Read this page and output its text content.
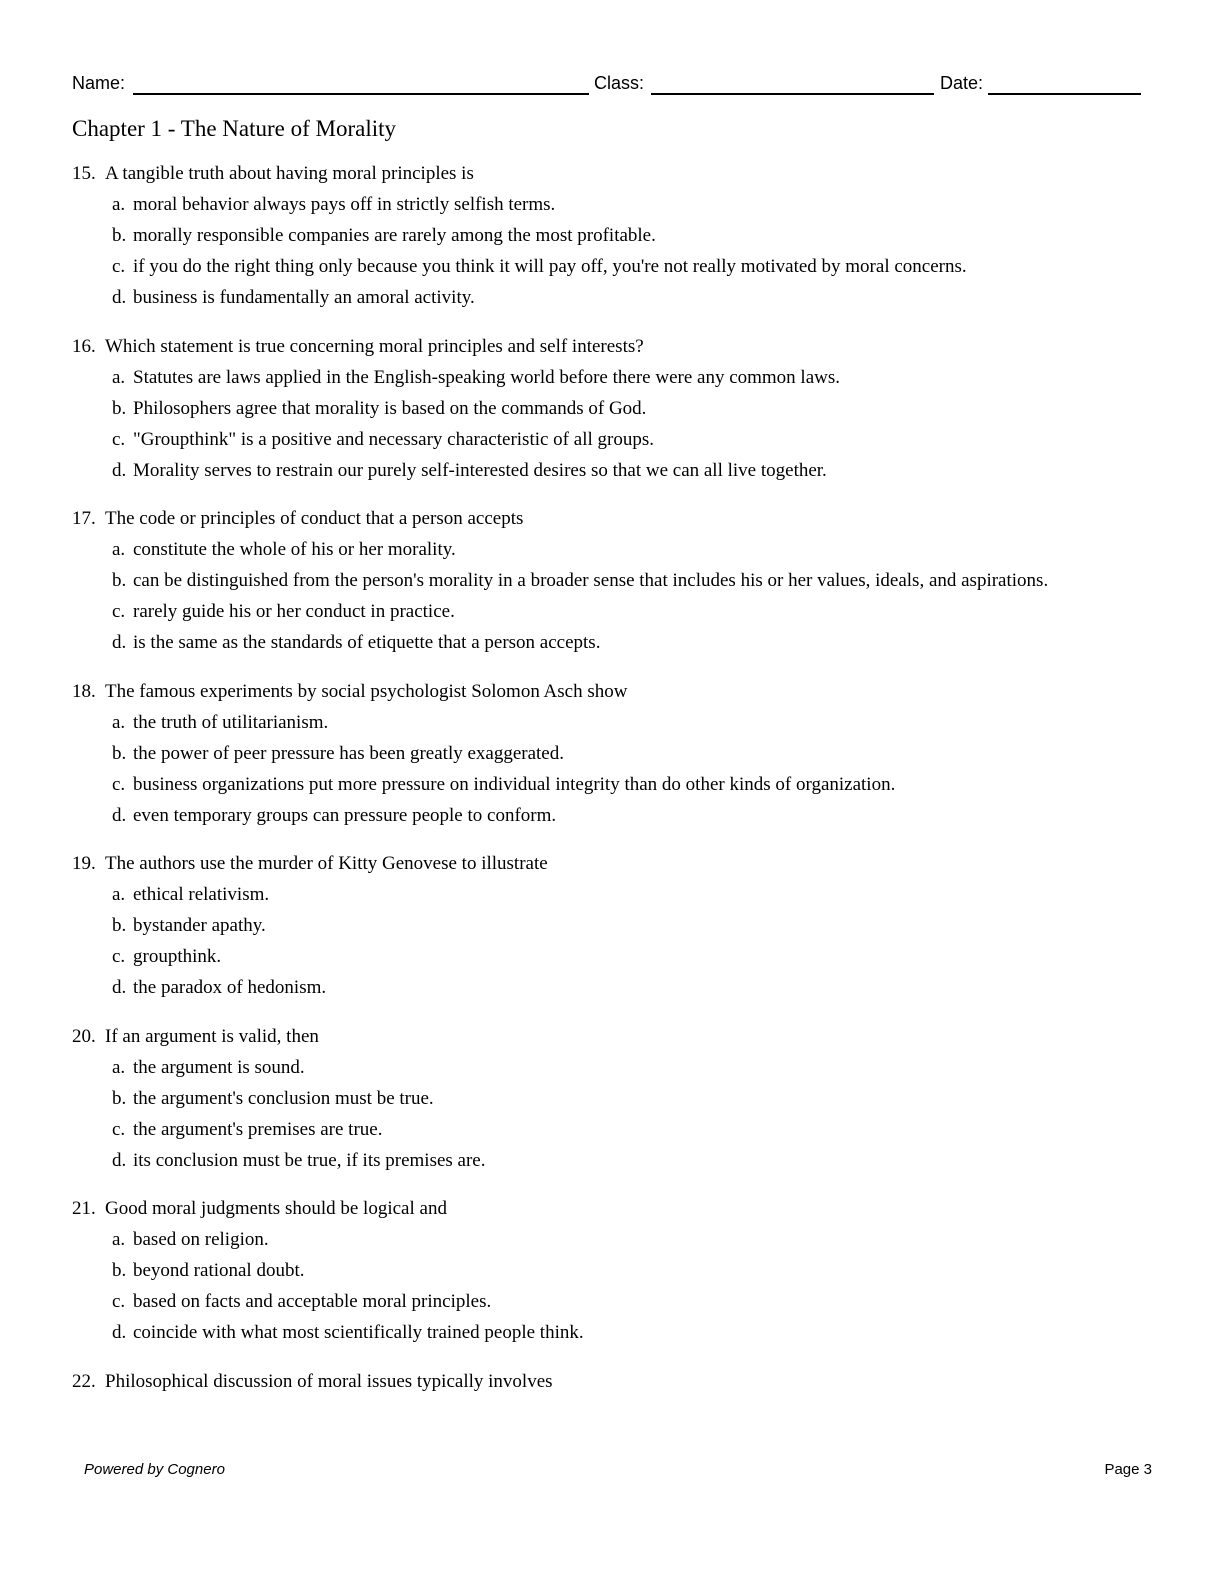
Name:	Class:	Date:
Chapter 1 - The Nature of Morality
15. A tangible truth about having moral principles is
a. moral behavior always pays off in strictly selfish terms.
b. morally responsible companies are rarely among the most profitable.
c. if you do the right thing only because you think it will pay off, you're not really motivated by moral concerns.
d. business is fundamentally an amoral activity.
16. Which statement is true concerning moral principles and self interests?
a. Statutes are laws applied in the English-speaking world before there were any common laws.
b. Philosophers agree that morality is based on the commands of God.
c. "Groupthink" is a positive and necessary characteristic of all groups.
d. Morality serves to restrain our purely self-interested desires so that we can all live together.
17. The code or principles of conduct that a person accepts
a. constitute the whole of his or her morality.
b. can be distinguished from the person's morality in a broader sense that includes his or her values, ideals, and aspirations.
c. rarely guide his or her conduct in practice.
d. is the same as the standards of etiquette that a person accepts.
18. The famous experiments by social psychologist Solomon Asch show
a. the truth of utilitarianism.
b. the power of peer pressure has been greatly exaggerated.
c. business organizations put more pressure on individual integrity than do other kinds of organization.
d. even temporary groups can pressure people to conform.
19. The authors use the murder of Kitty Genovese to illustrate
a. ethical relativism.
b. bystander apathy.
c. groupthink.
d. the paradox of hedonism.
20. If an argument is valid, then
a. the argument is sound.
b. the argument's conclusion must be true.
c. the argument's premises are true.
d. its conclusion must be true, if its premises are.
21. Good moral judgments should be logical and
a. based on religion.
b. beyond rational doubt.
c. based on facts and acceptable moral principles.
d. coincide with what most scientifically trained people think.
22. Philosophical discussion of moral issues typically involves
Powered by Cognero	Page 3
